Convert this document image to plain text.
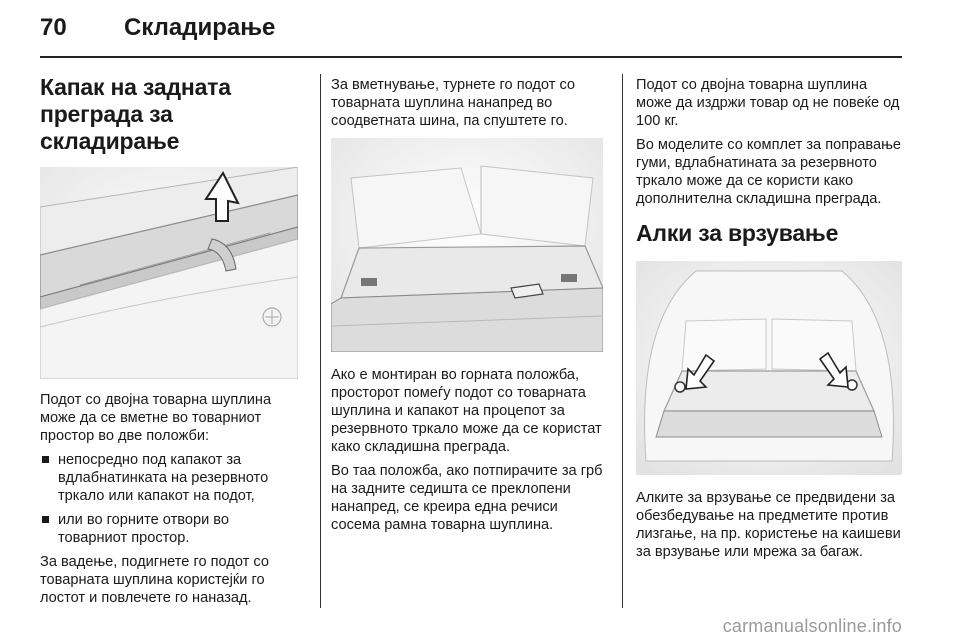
70 Складирање
Капак на задната
преграда за складирање

Подот со двојна товарна шуплина може да се вметне во товарниот простор во две положби:

непосредно под капакот за вдлабнатинката на резервното тркало или капакот на подот,
или во горните отвори во товарниот простор.

За вадење, подигнете го подот со товарната шуплина користејќи го лостот и повлечете го наназад.

За вметнување, турнете го подот со товарната шуплина нанапред во соодветната шина, па спуштете го.

Ако е монтиран во горната положба, просторот помеѓу подот со товарната шуплина и капакот на процепот за резервното тркало може да се користат како складишна преграда.

Во таа положба, ако потпирачите за грб на задните седишта се преклопени нанапред, се креира една речиси сосема рамна товарна шуплина.

Подот со двојна товарна шуплина може да издржи товар од не повеќе од 100 кг.

Во моделите со комплет за поправање гуми, вдлабнатината за резервното тркало може да се користи како дополнителна складишна преграда.

Алки за врзување

Алките за врзување се предвидени за обезбедување на предметите против лизгање, на пр. користење на каишеви за врзување или мрежа за багаж.

carmanualsonline.info
